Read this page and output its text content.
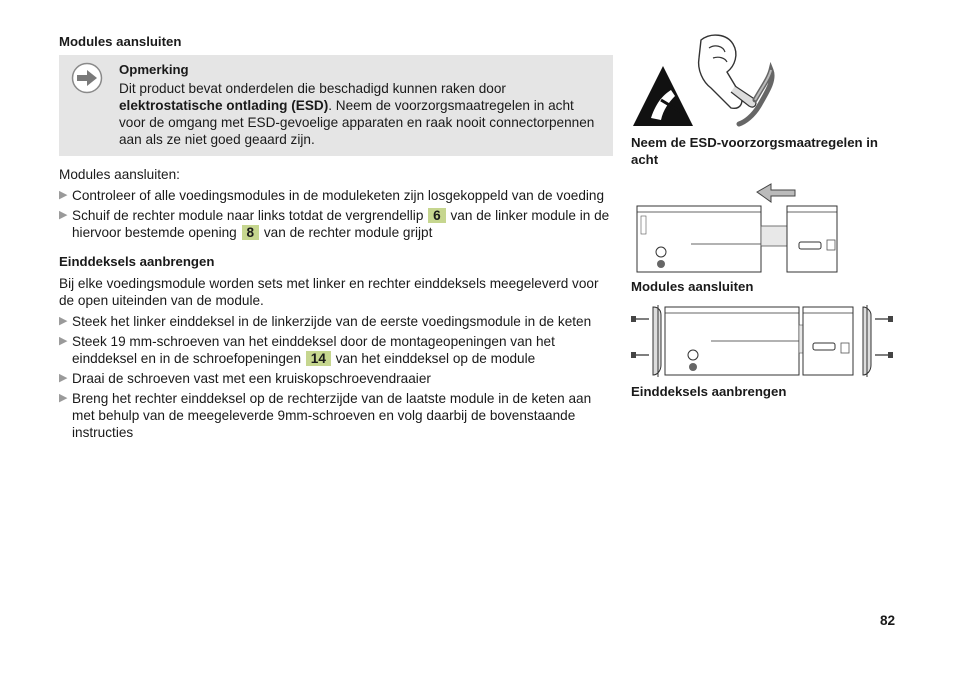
Modules aansluiten
Opmerking
Dit product bevat onderdelen die beschadigd kunnen raken door elektrostatische ontlading (ESD). Neem de voorzorgsmaatregelen in acht voor de omgang met ESD-gevoelige apparaten en raak nooit connectorpennen aan als ze niet goed geaard zijn.
Modules aansluiten:
▶ Controleer of alle voedingsmodules in de moduleketen zijn losgekoppeld van de voeding
▶ Schuif de rechter module naar links totdat de vergrendellip 6 van de linker module in de hiervoor bestemde opening 8 van de rechter module grijpt
Einddeksels aanbrengen
Bij elke voedingsmodule worden sets met linker en rechter einddeksels meegeleverd voor de open uiteinden van de module.
▶ Steek het linker einddeksel in de linkerzijde van de eerste voedingsmodule in de keten
▶ Steek 19 mm-schroeven van het einddeksel door de montageopeningen van het einddeksel en in de schroefopeningen 14 van het einddeksel op de module
▶ Draai de schroeven vast met een kruiskopschroevendraaier
▶ Breng het rechter einddeksel op de rechterzijde van de laatste module in de keten aan met behulp van de meegeleverde 9mm-schroeven en volg daarbij de bovenstaande instructies
Neem de ESD-voorzorgsmaatregelen in acht
Modules aansluiten
Einddeksels aanbrengen
82
